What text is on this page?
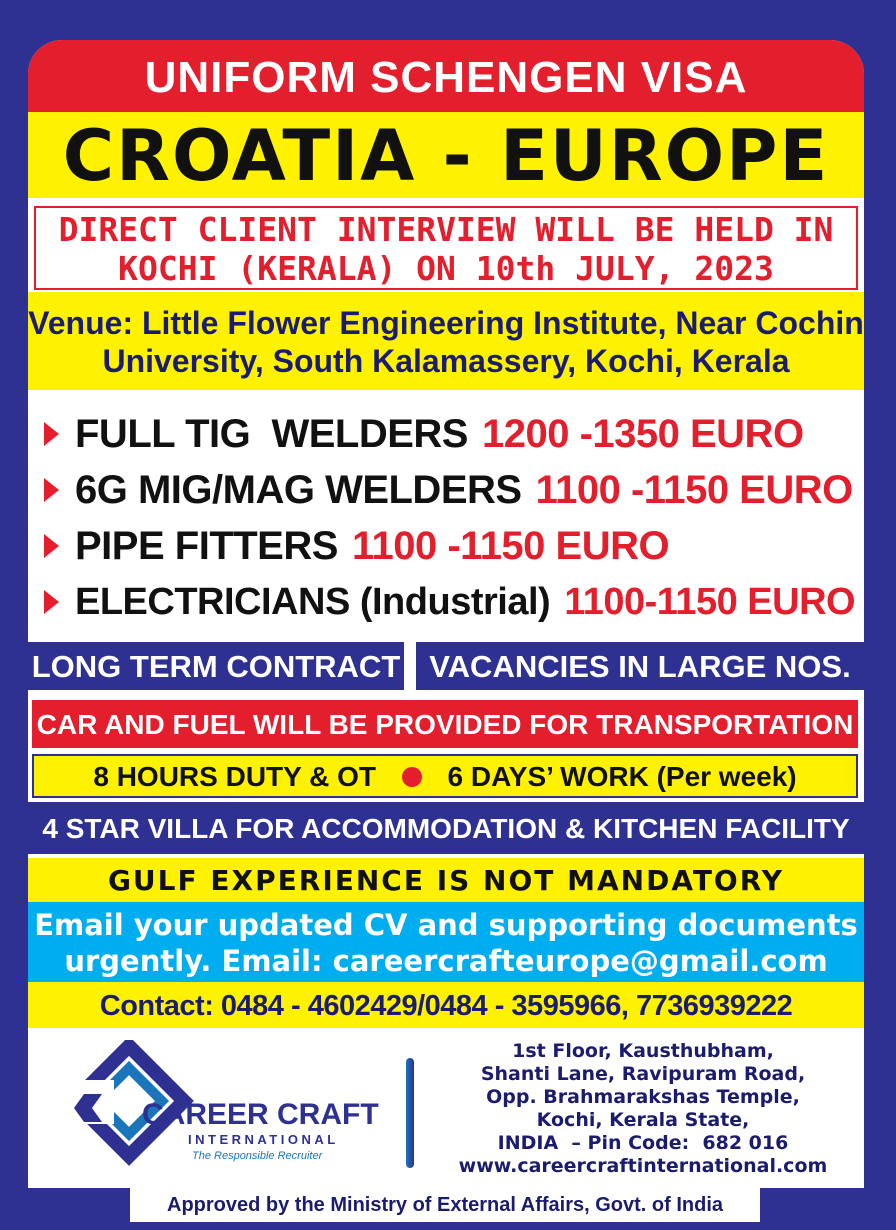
UNIFORM SCHENGEN VISA
CROATIA - EUROPE
DIRECT CLIENT INTERVIEW WILL BE HELD IN
KOCHI (KERALA) ON 10th JULY, 2023
Venue: Little Flower Engineering Institute, Near Cochin
University, South Kalamassery, Kochi, Kerala
FULL TIG  WELDERS 1200 -1350 EURO
6G MIG/MAG WELDERS 1100 -1150 EURO
PIPE FITTERS 1100 -1150 EURO
ELECTRICIANS (Industrial) 1100-1150 EURO
LONG TERM CONTRACT VACANCIES IN LARGE NOS.
CAR AND FUEL WILL BE PROVIDED FOR TRANSPORTATION
8 HOURS DUTY & OT	6 DAYS’ WORK (Per week)
4 STAR VILLA FOR ACCOMMODATION & KITCHEN FACILITY
GULF EXPERIENCE IS NOT MANDATORY
Email your updated CV and supporting documents
urgently. Email: careercrafteurope@gmail.com
Contact: 0484 - 4602429/0484 - 3595966, 7736939222
CAREER CRAFT
INTERNATIONAL
The Responsible Recruiter
1st Floor, Kausthubham,
Shanti Lane, Ravipuram Road,
Opp. Brahmarakshas Temple,
Kochi, Kerala State,
INDIA  – Pin Code:  682 016
www.careercraftinternational.com
Approved by the Ministry of External Affairs, Govt. of India
